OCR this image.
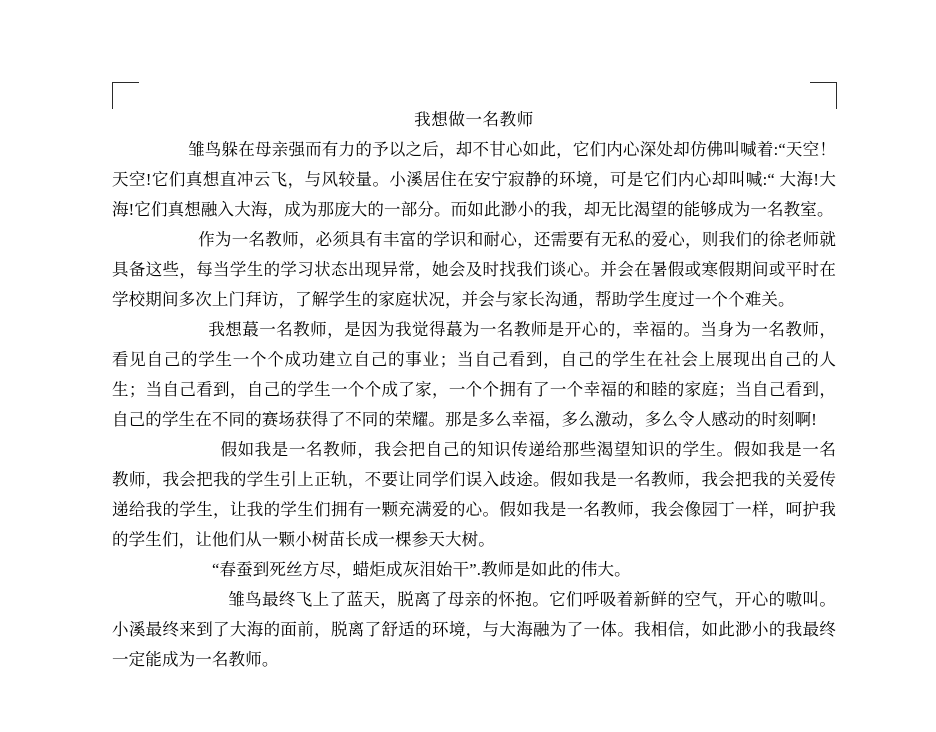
我想做一名教师

雏鸟躲在母亲强而有力的予以之后，却不甘心如此，它们内心深处却仿佛叫喊着:“天空！天空!它们真想直冲云飞，与风较量。小溪居住在安宁寂静的环境，可是它们内心却叫喊:“ 大海!大海!它们真想融入大海，成为那庞大的一部分。而如此渺小的我，却无比渴望的能够成为一名教室。

作为一名教师，必须具有丰富的学识和耐心，还需要有无私的爱心，则我们的徐老师就具备这些，每当学生的学习状态出现异常，她会及时找我们谈心。并会在暑假或寒假期间或平时在学校期间多次上门拜访，了解学生的家庭状况，并会与家长沟通，帮助学生度过一个个难关。

我想蕞一名教师，是因为我觉得蕞为一名教师是开心的，幸福的。当身为一名教师，看见自己的学生一个个成功建立自己的事业；当自己看到，自己的学生在社会上展现出自己的人生；当自己看到，自己的学生一个个成了家，一个个拥有了一个幸福的和睦的家庭；当自己看到，自己的学生在不同的赛场获得了不同的荣耀。那是多么幸福，多么激动，多么令人感动的时刻啊!

假如我是一名教师，我会把自己的知识传递给那些渴望知识的学生。假如我是一名教师，我会把我的学生引上正轨，不要让同学们误入歧途。假如我是一名教师，我会把我的关爱传递给我的学生，让我的学生们拥有一颗充满爱的心。假如我是一名教师，我会像园丁一样，呵护我的学生们，让他们从一颗小树苗长成一棵参天大树。

“春蚕到死丝方尽，蜡炬成灰泪始干”.教师是如此的伟大。

雏鸟最终飞上了蓝天，脱离了母亲的怀抱。它们呼吸着新鲜的空气，开心的嗷叫。小溪最终来到了大海的面前，脱离了舒适的环境，与大海融为了一体。我相信，如此渺小的我最终一定能成为一名教师。
